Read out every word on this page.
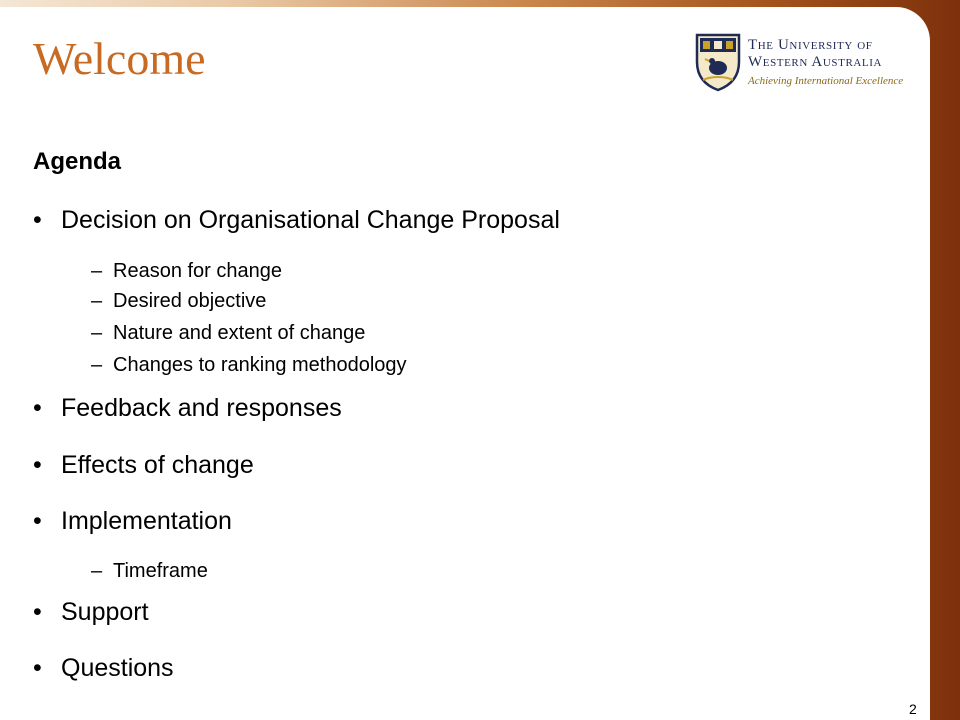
Welcome	The University of
Western Australia
Achieving International Excellence
Agenda
• Decision on Organisational Change Proposal
– Reason for change
– Desired objective
– Nature and extent of change
– Changes to ranking methodology
• Feedback and responses
• Effects of change
• Implementation
– Timeframe
• Support
• Questions
2
